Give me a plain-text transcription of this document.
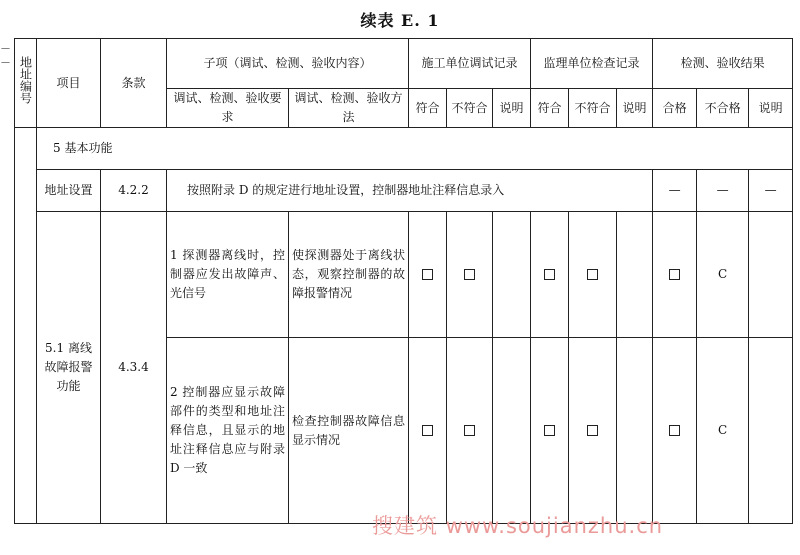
续表 E. 1
—
— 地址编号	项目	条款	子项（调试、检测、验收内容）		施工单位调试记录			监理单位检查记录			检测、验收结果		
			调试、检测、验收要求	调试、检测、验收方法	符合	不符合	说明	符合	不符合	说明	合格	不合格	说明
	5 基本功能												
	地址设置	4.2.2	按照附录 D 的规定进行地址设置，控制器地址注释信息录入								—	—	—
	5.1 离线故障报警功能	4.3.4	1 探测器离线时，控制器应发出故障声、光信号	使探测器处于离线状态，观察控制器的故障报警情况								C	
			2 控制器应显示故障部件的类型和地址注释信息，且显示的地址注释信息应与附录 D 一致	检查控制器故障信息显示情况								C	
搜建筑 www.soujianzhu.cn
